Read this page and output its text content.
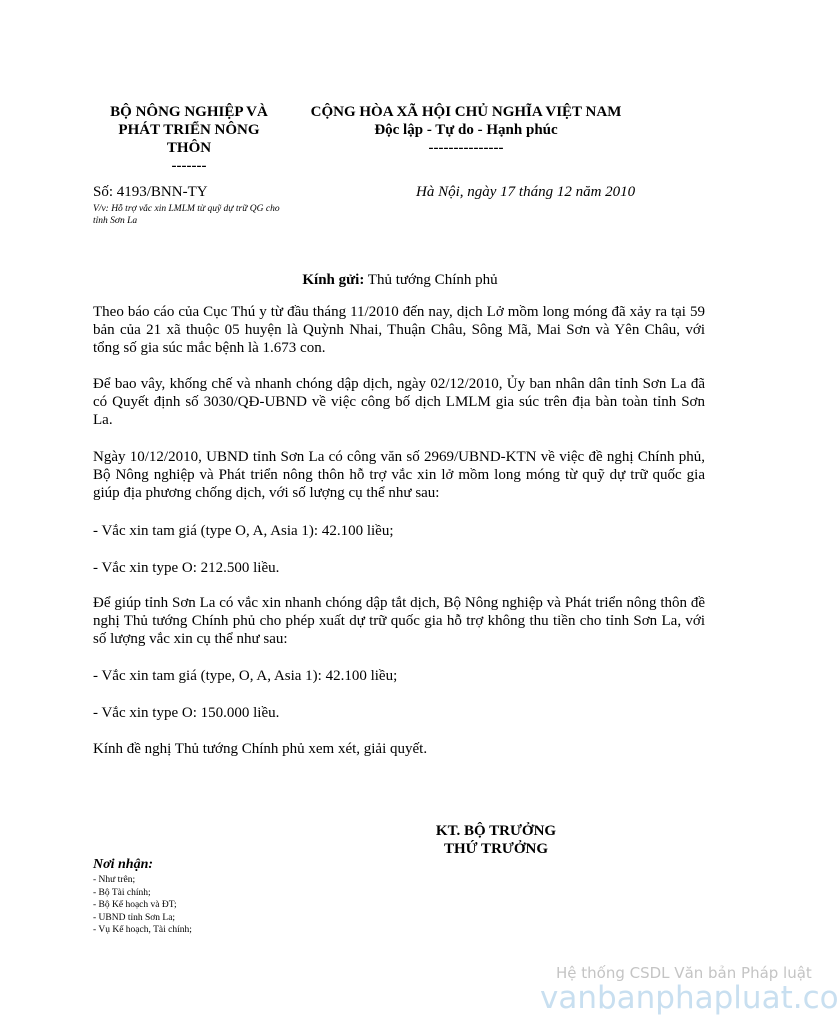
BỘ NÔNG NGHIỆP VÀ
PHÁT TRIỂN NÔNG
THÔN
-------
CỘNG HÒA XÃ HỘI CHỦ NGHĨA VIỆT NAM
Độc lập - Tự do - Hạnh phúc
---------------
Số: 4193/BNN-TY
V/v: Hỗ trợ vắc xin LMLM từ quỹ dự trữ QG cho tỉnh Sơn La
Hà Nội, ngày 17 tháng 12 năm 2010
Kính gửi: Thủ tướng Chính phủ
Theo báo cáo của Cục Thú y từ đầu tháng 11/2010 đến nay, dịch Lở mồm long móng đã xảy ra tại 59 bản của 21 xã thuộc 05 huyện là Quỳnh Nhai, Thuận Châu, Sông Mã, Mai Sơn và Yên Châu, với tổng số gia súc mắc bệnh là 1.673 con.
Để bao vây, khống chế và nhanh chóng dập dịch, ngày 02/12/2010, Ủy ban nhân dân tỉnh Sơn La đã có Quyết định số 3030/QĐ-UBND về việc công bố dịch LMLM gia súc trên địa bàn toàn tỉnh Sơn La.
Ngày 10/12/2010, UBND tỉnh Sơn La có công văn số 2969/UBND-KTN về việc đề nghị Chính phủ, Bộ Nông nghiệp và Phát triển nông thôn hỗ trợ vắc xin lở mồm long móng từ quỹ dự trữ quốc gia giúp địa phương chống dịch, với số lượng cụ thể như sau:
- Vắc xin tam giá (type O, A, Asia 1): 42.100 liều;
- Vắc xin type O: 212.500 liều.
Để giúp tỉnh Sơn La có vắc xin nhanh chóng dập tắt dịch, Bộ Nông nghiệp và Phát triển nông thôn đề nghị Thủ tướng Chính phủ cho phép xuất dự trữ quốc gia hỗ trợ không thu tiền cho tỉnh Sơn La, với số lượng vắc xin cụ thể như sau:
- Vắc xin tam giá (type, O, A, Asia 1): 42.100 liều;
- Vắc xin type O: 150.000 liều.
Kính đề nghị Thủ tướng Chính phủ xem xét, giải quyết.
KT. BỘ TRƯỞNG
THỨ TRƯỞNG
Nơi nhận:
- Như trên;
- Bộ Tài chính;
- Bộ Kế hoạch và ĐT;
- UBND tỉnh Sơn La;
- Vụ Kế hoạch, Tài chính;
Hệ thống CSDL Văn bản Pháp luật
vanbanphapluat.co
